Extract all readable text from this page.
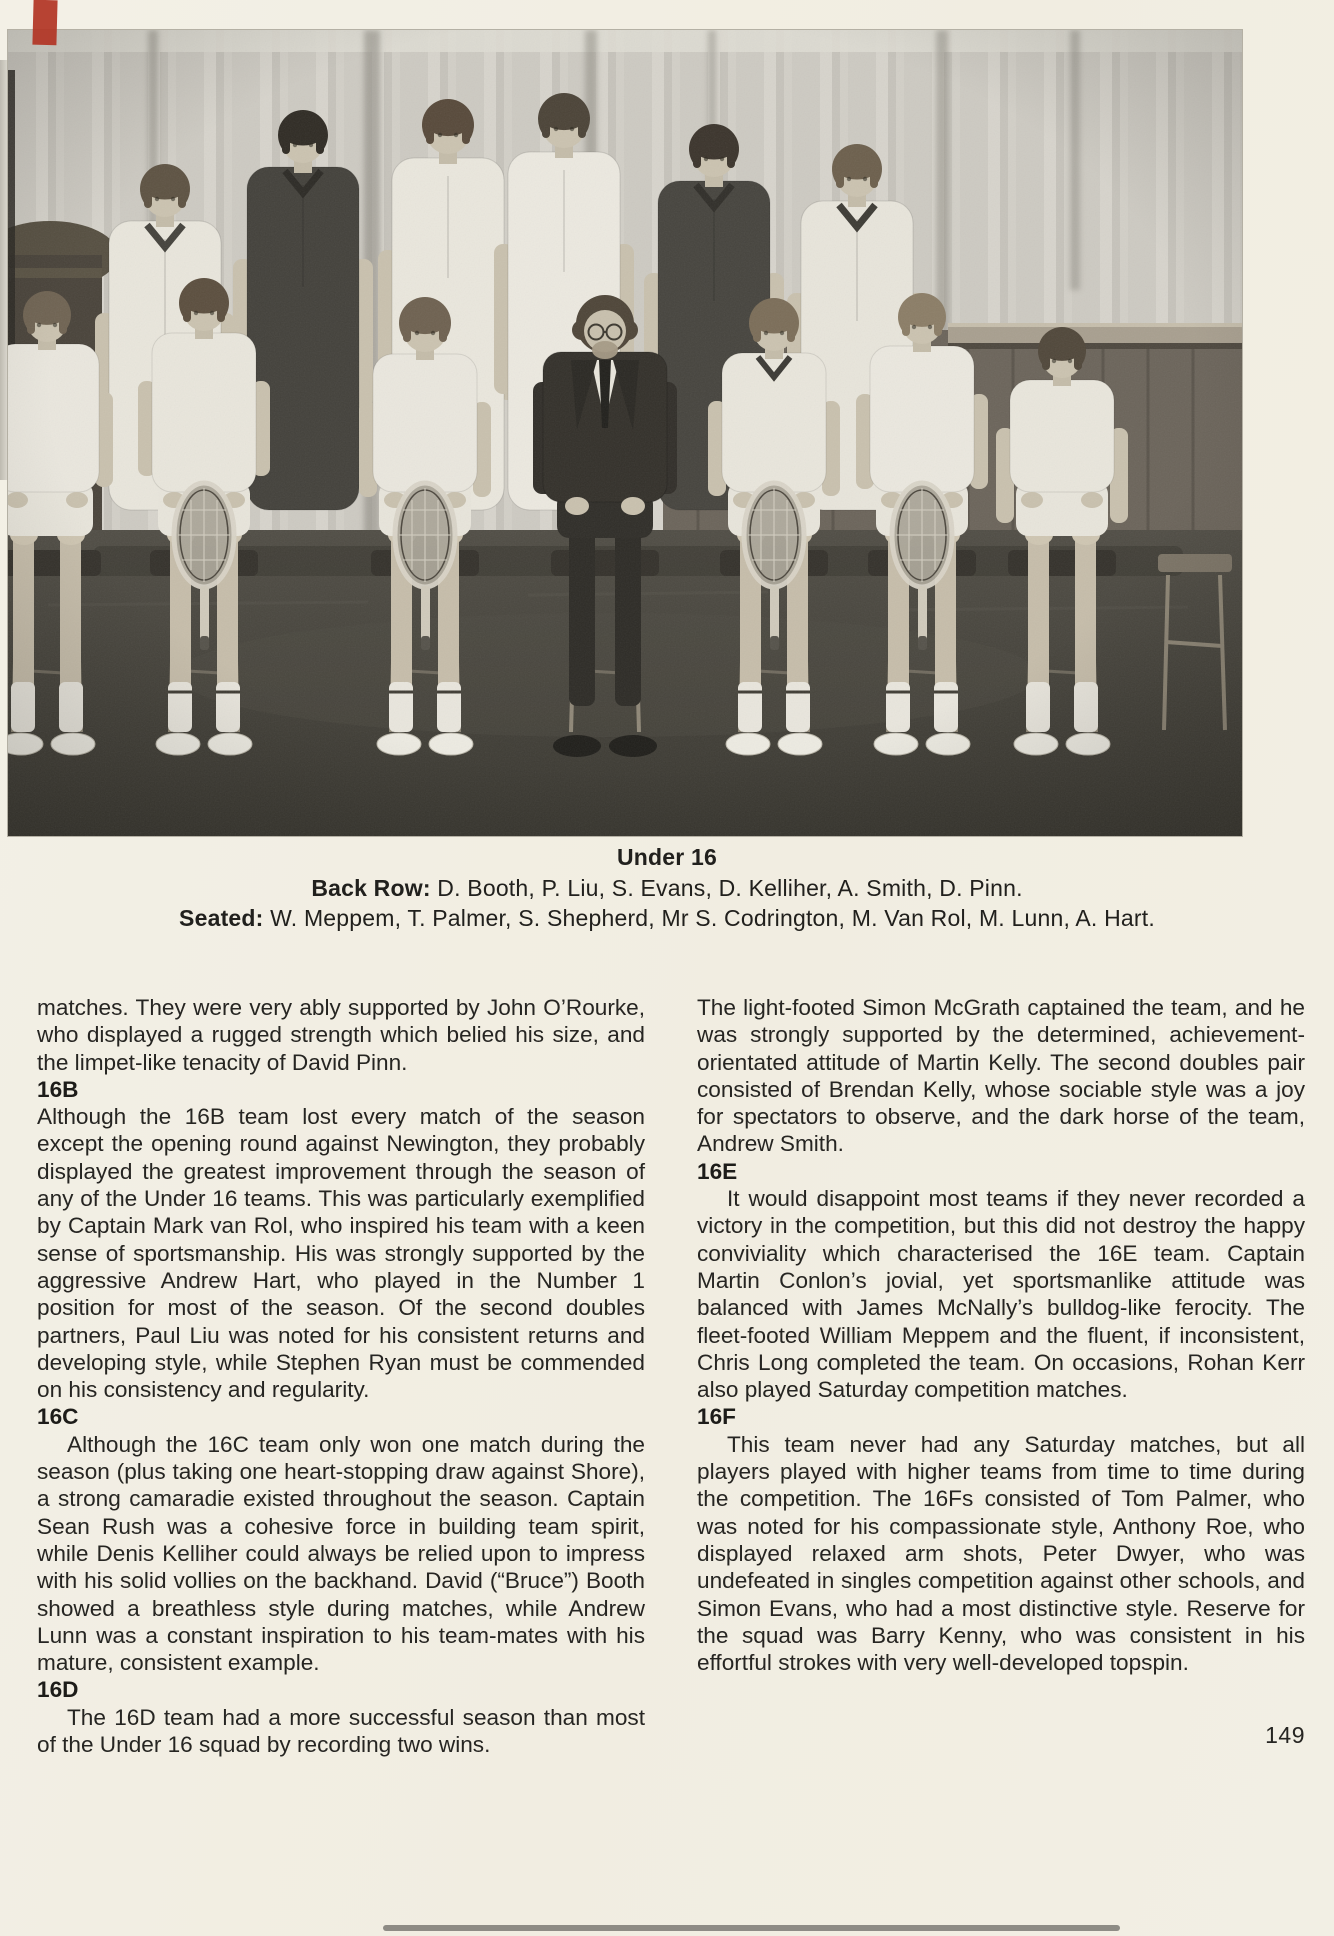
Under 16
Back Row: D. Booth, P. Liu, S. Evans, D. Kelliher, A. Smith, D. Pinn.
Seated: W. Meppem, T. Palmer, S. Shepherd, Mr S. Codrington, M. Van Rol, M. Lunn, A. Hart.

matches. They were very ably supported by John O’Rourke, who displayed a rugged strength which belied his size, and the limpet-like tenacity of David Pinn.

16B

Although the 16B team lost every match of the season except the opening round against Newington, they probably displayed the greatest improvement through the season of any of the Under 16 teams. This was particularly exemplified by Captain Mark van Rol, who inspired his team with a keen sense of sportsmanship. His was strongly supported by the aggressive Andrew Hart, who played in the Number 1 position for most of the season. Of the second doubles partners, Paul Liu was noted for his consistent returns and developing style, while Stephen Ryan must be commended on his consistency and regularity.

16C

Although the 16C team only won one match during the season (plus taking one heart-stopping draw against Shore), a strong camaradie existed throughout the season. Captain Sean Rush was a cohesive force in building team spirit, while Denis Kelliher could always be relied upon to impress with his solid vollies on the backhand. David (“Bruce”) Booth showed a breathless style during matches, while Andrew Lunn was a constant inspiration to his team-mates with his mature, consistent example.

16D

The 16D team had a more successful season than most of the Under 16 squad by recording two wins.

The light-footed Simon McGrath captained the team, and he was strongly supported by the determined, achievement-orientated attitude of Martin Kelly. The second doubles pair consisted of Brendan Kelly, whose sociable style was a joy for spectators to observe, and the dark horse of the team, Andrew Smith.

16E

It would disappoint most teams if they never recorded a victory in the competition, but this did not destroy the happy conviviality which characterised the 16E team. Captain Martin Conlon’s jovial, yet sportsmanlike attitude was balanced with James McNally’s bulldog-like ferocity. The fleet-footed William Meppem and the fluent, if inconsistent, Chris Long completed the team. On occasions, Rohan Kerr also played Saturday competition matches.

16F

This team never had any Saturday matches, but all players played with higher teams from time to time during the competition. The 16Fs consisted of Tom Palmer, who was noted for his compassionate style, Anthony Roe, who displayed relaxed arm shots, Peter Dwyer, who was undefeated in singles competition against other schools, and Simon Evans, who had a most distinctive style. Reserve for the squad was Barry Kenny, who was consistent in his effortful strokes with very well-developed topspin.

149
